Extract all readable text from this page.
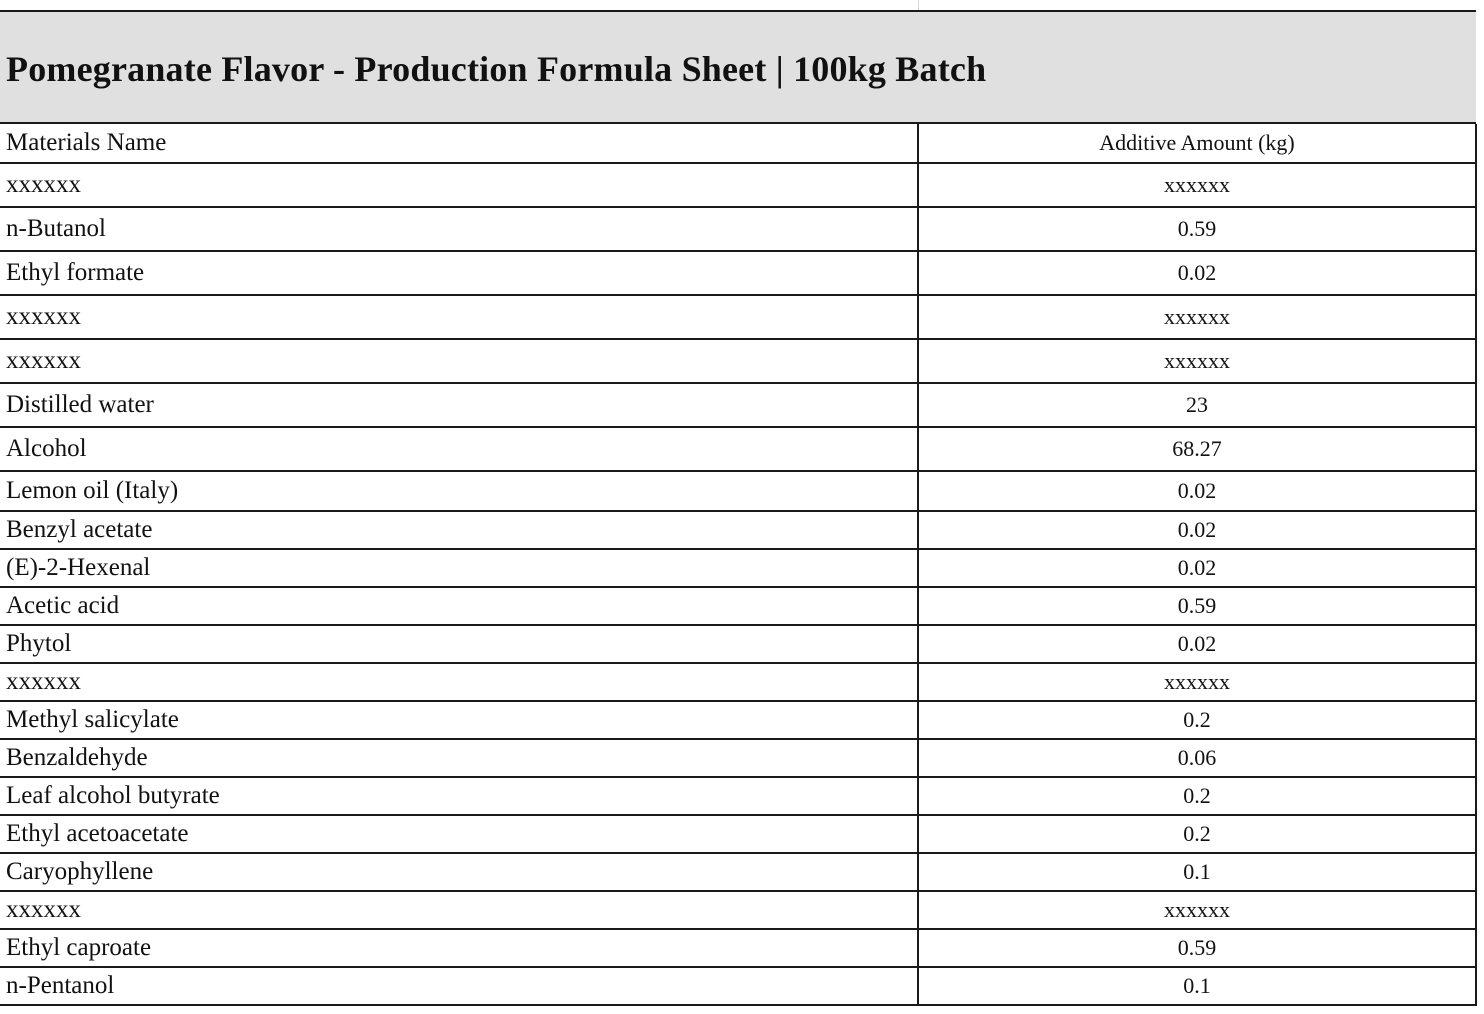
Pomegranate Flavor - Production Formula Sheet | 100kg Batch
Materials Name	Additive Amount (kg)
xxxxxx	xxxxxx
n-Butanol	0.59
Ethyl formate	0.02
xxxxxx	xxxxxx
xxxxxx	xxxxxx
Distilled water	23
Alcohol	68.27
Lemon oil (Italy)	0.02
Benzyl acetate	0.02
(E)-2-Hexenal	0.02
Acetic acid	0.59
Phytol	0.02
xxxxxx	xxxxxx
Methyl salicylate	0.2
Benzaldehyde	0.06
Leaf alcohol butyrate	0.2
Ethyl acetoacetate	0.2
Caryophyllene	0.1
xxxxxx	xxxxxx
Ethyl caproate	0.59
n-Pentanol	0.1
